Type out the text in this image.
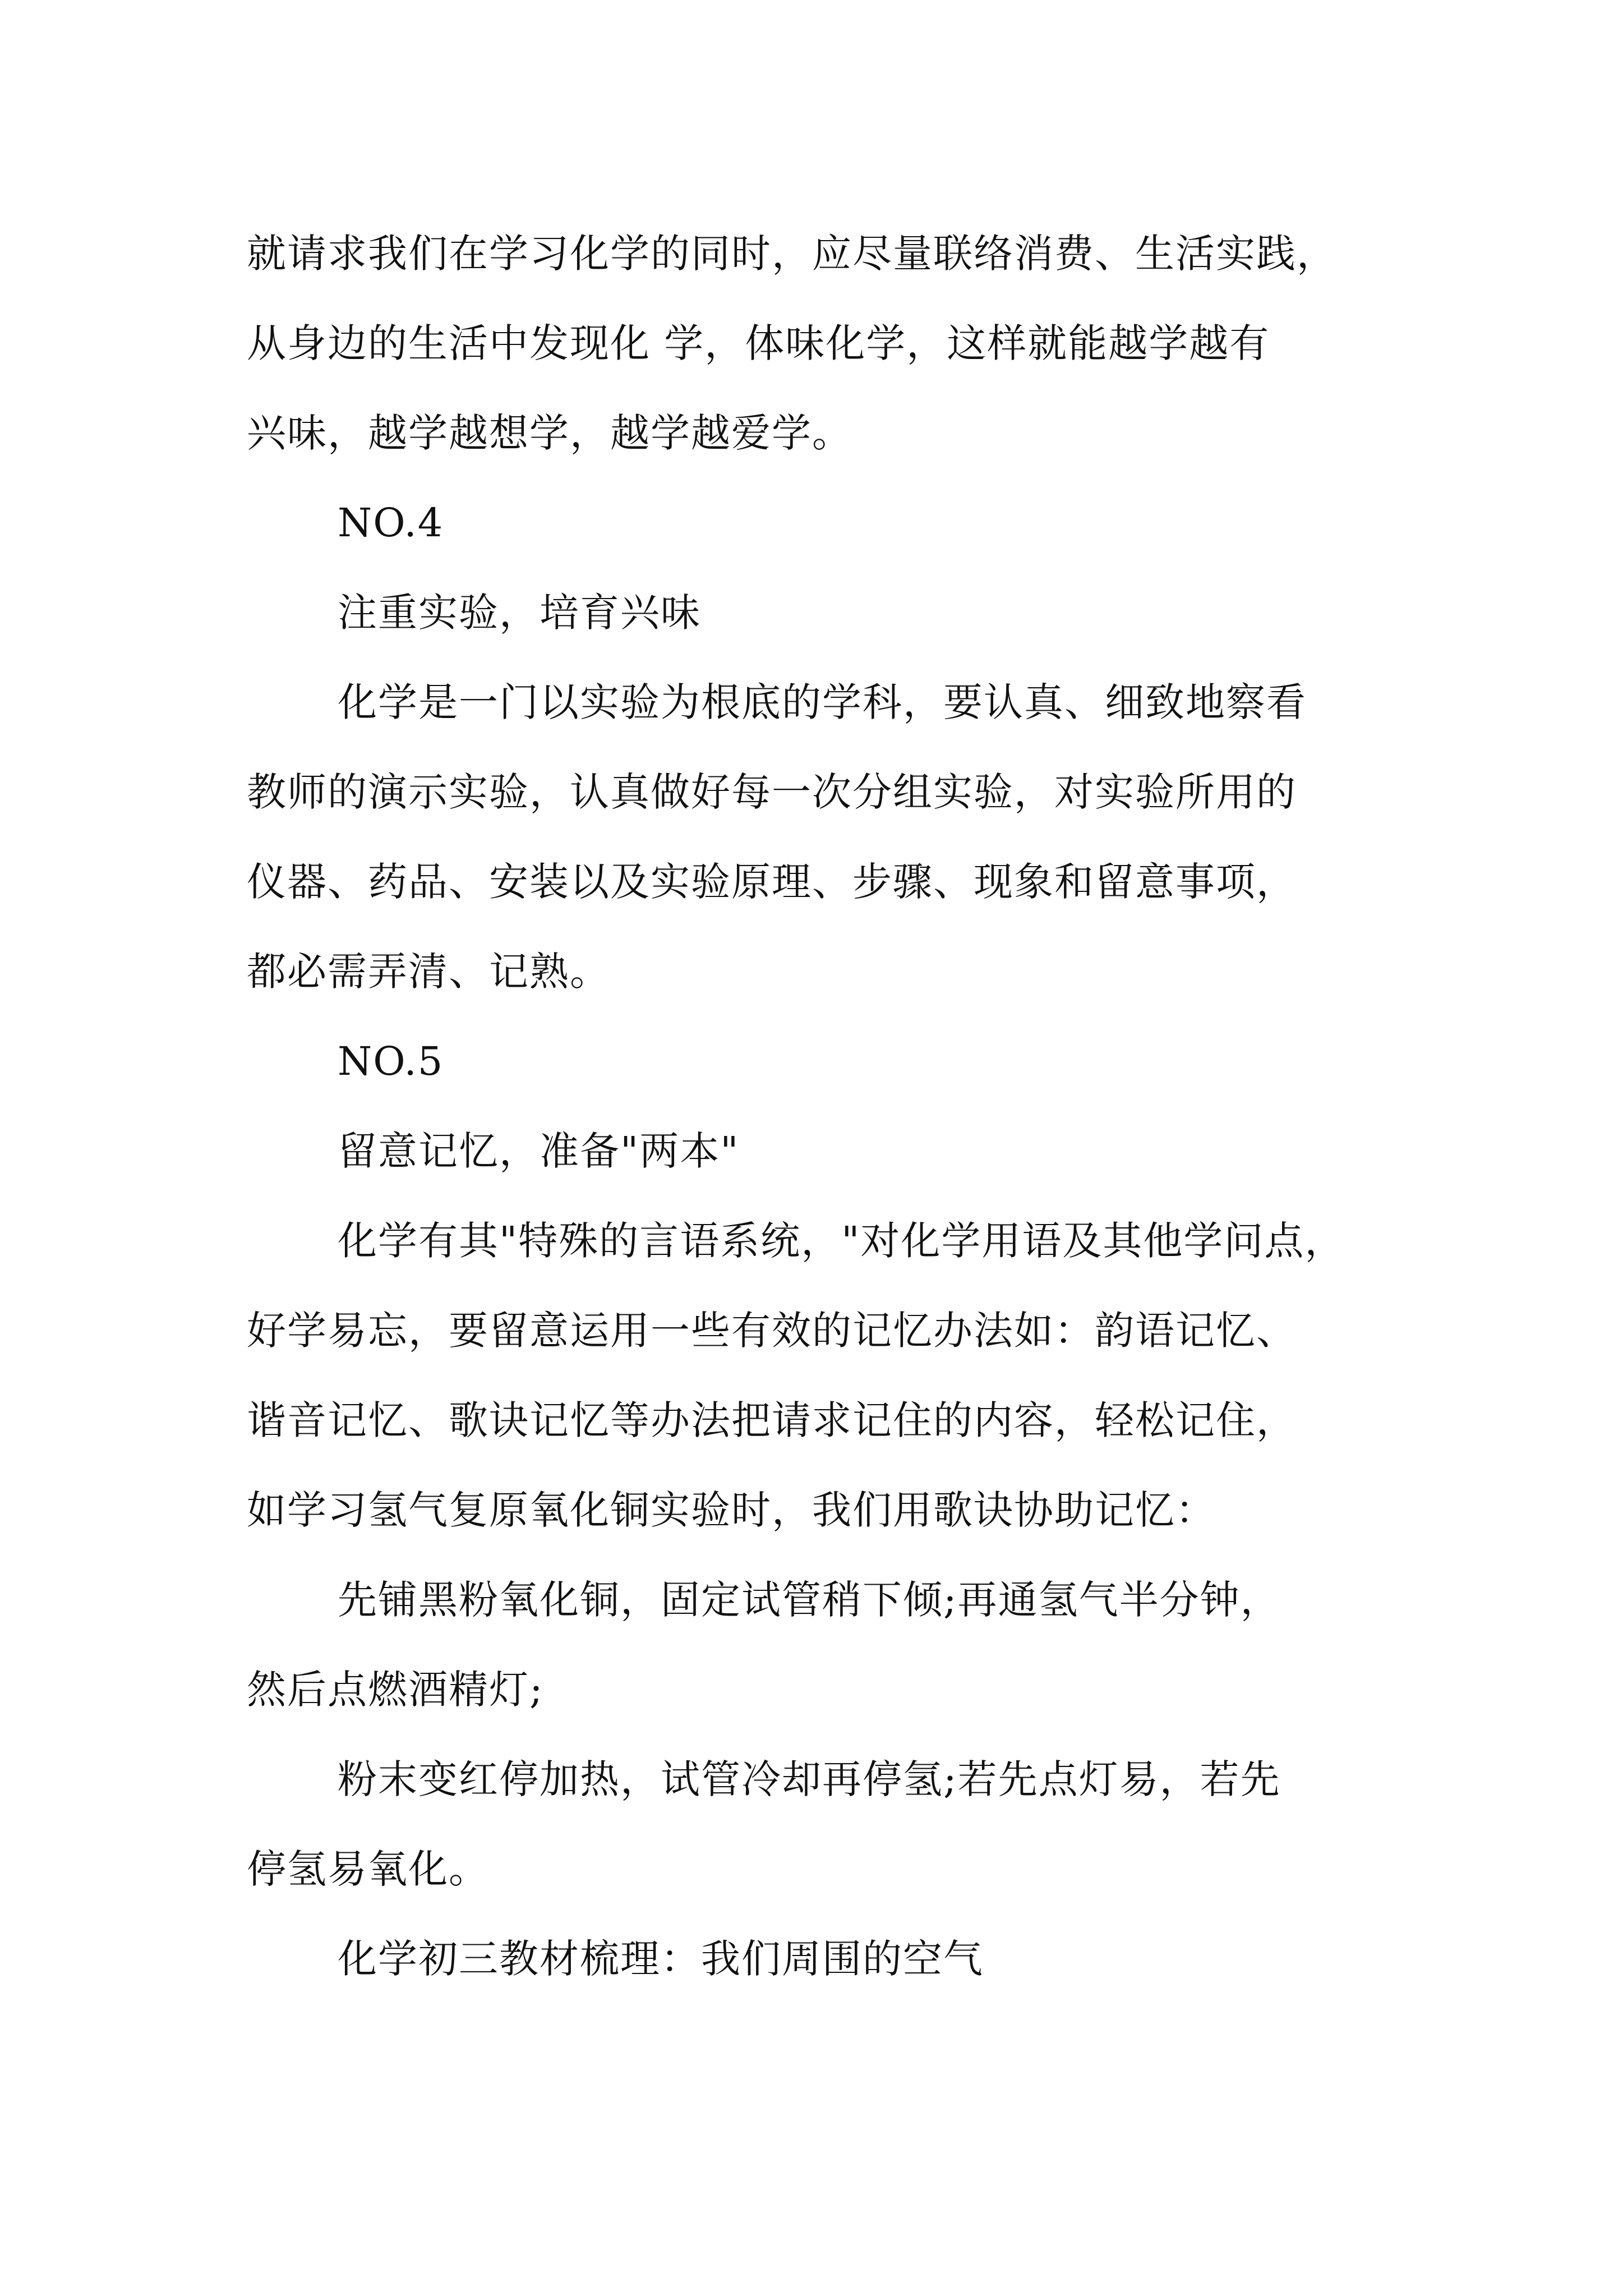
就请求我们在学习化学的同时，应尽量联络消费、生活实践，
从身边的生活中发现化 学，体味化学，这样就能越学越有
兴味，越学越想学，越学越爱学。
NO.4
注重实验，培育兴味
化学是一门以实验为根底的学科，要认真、细致地察看
教师的演示实验，认真做好每一次分组实验，对实验所用的
仪器、药品、安装以及实验原理、步骤、现象和留意事项，
都必需弄清、记熟。
NO.5
留意记忆，准备"两本"
化学有其"特殊的言语系统，"对化学用语及其他学问点，
好学易忘，要留意运用一些有效的记忆办法如：韵语记忆、
谐音记忆、歌诀记忆等办法把请求记住的内容，轻松记住，
如学习氢气复原氧化铜实验时，我们用歌诀协助记忆：
先铺黑粉氧化铜，固定试管稍下倾;再通氢气半分钟，
然后点燃酒精灯;
粉末变红停加热，试管冷却再停氢;若先点灯易，若先
停氢易氧化。
化学初三教材梳理：我们周围的空气
